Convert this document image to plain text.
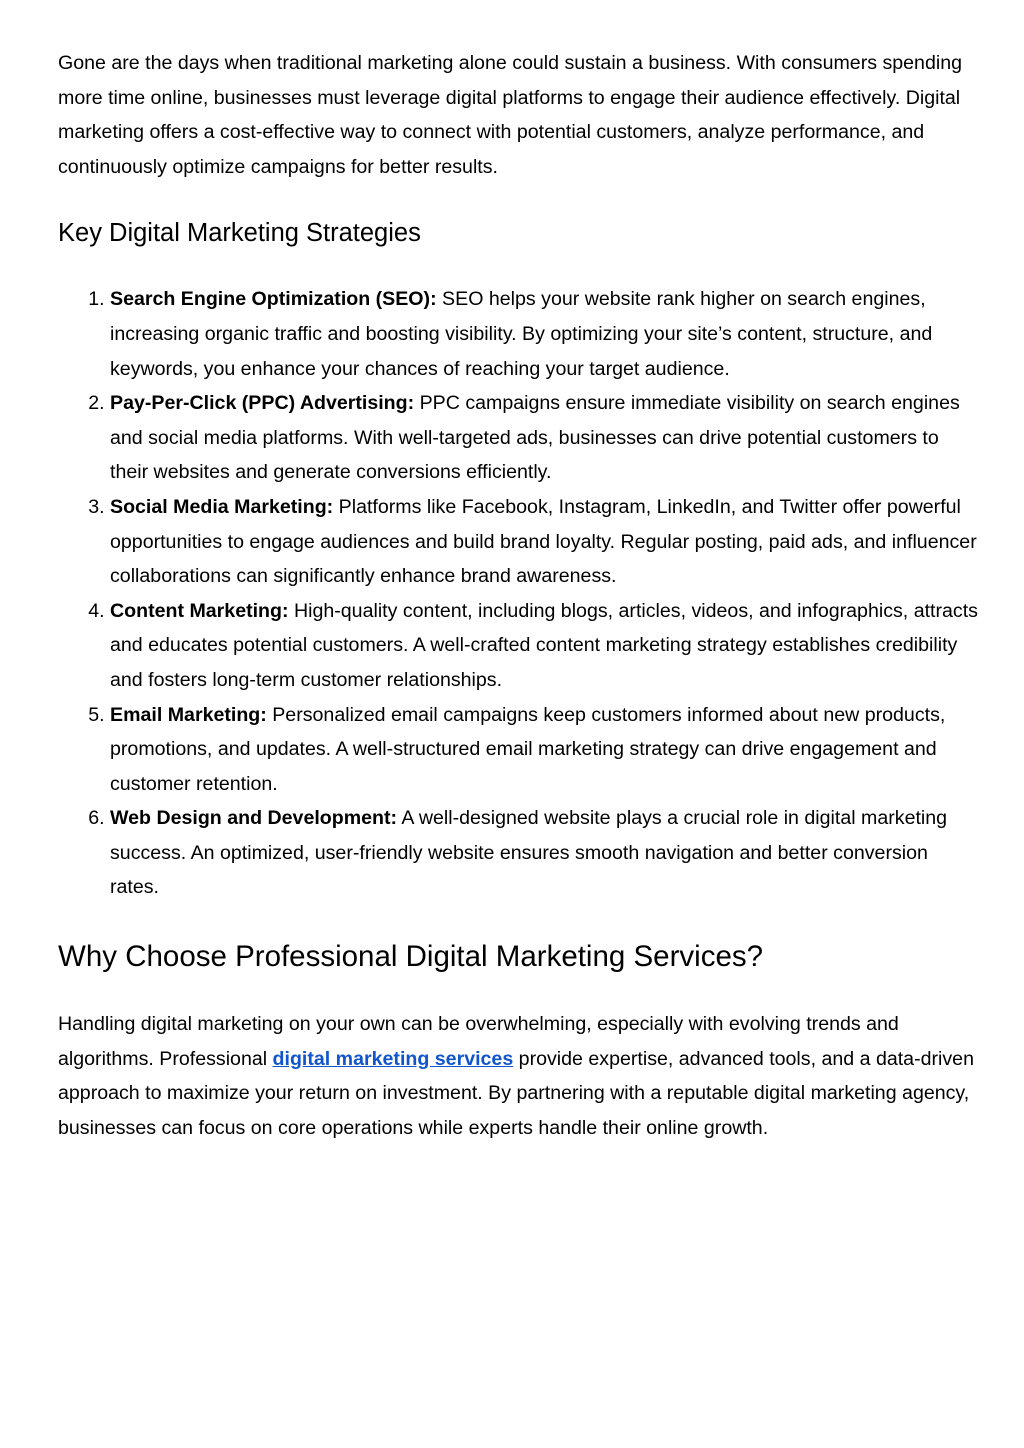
Gone are the days when traditional marketing alone could sustain a business. With consumers spending more time online, businesses must leverage digital platforms to engage their audience effectively. Digital marketing offers a cost-effective way to connect with potential customers, analyze performance, and continuously optimize campaigns for better results.

Key Digital Marketing Strategies
1. Search Engine Optimization (SEO): SEO helps your website rank higher on search engines, increasing organic traffic and boosting visibility. By optimizing your site’s content, structure, and keywords, you enhance your chances of reaching your target audience.
2. Pay-Per-Click (PPC) Advertising: PPC campaigns ensure immediate visibility on search engines and social media platforms. With well-targeted ads, businesses can drive potential customers to their websites and generate conversions efficiently.
3. Social Media Marketing: Platforms like Facebook, Instagram, LinkedIn, and Twitter offer powerful opportunities to engage audiences and build brand loyalty. Regular posting, paid ads, and influencer collaborations can significantly enhance brand awareness.
4. Content Marketing: High-quality content, including blogs, articles, videos, and infographics, attracts and educates potential customers. A well-crafted content marketing strategy establishes credibility and fosters long-term customer relationships.
5. Email Marketing: Personalized email campaigns keep customers informed about new products, promotions, and updates. A well-structured email marketing strategy can drive engagement and customer retention.
6. Web Design and Development: A well-designed website plays a crucial role in digital marketing success. An optimized, user-friendly website ensures smooth navigation and better conversion rates.
Why Choose Professional Digital Marketing Services?

Handling digital marketing on your own can be overwhelming, especially with evolving trends and algorithms. Professional digital marketing services provide expertise, advanced tools, and a data-driven approach to maximize your return on investment. By partnering with a reputable digital marketing agency, businesses can focus on core operations while experts handle their online growth.
